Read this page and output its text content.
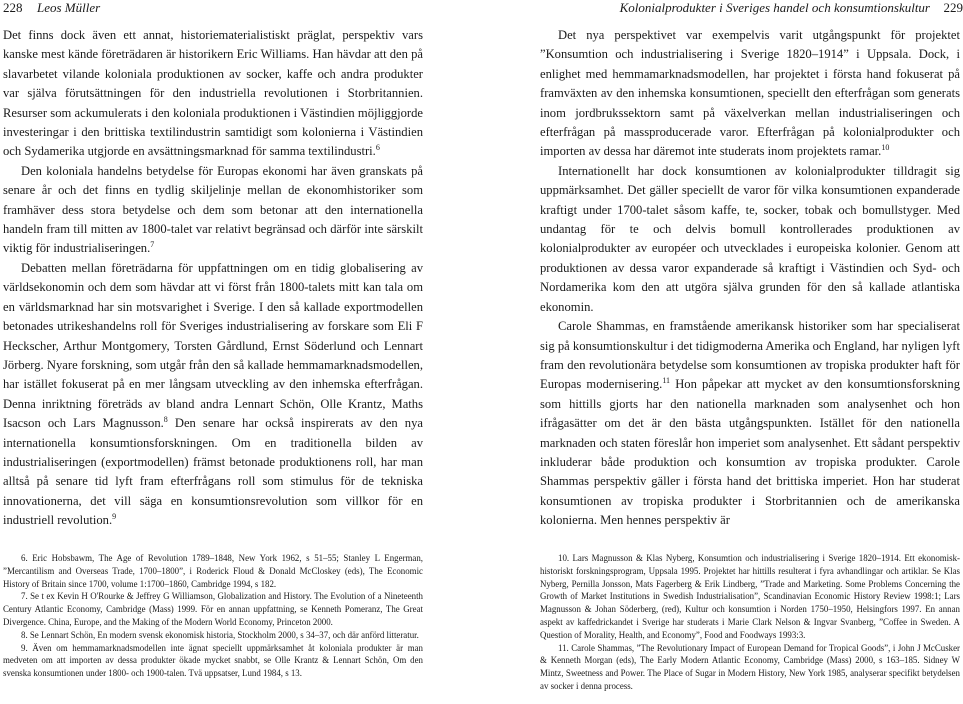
228 Leos Müller

Det finns dock även ett annat, historiematerialistiskt präglat, perspektiv vars kanske mest kände företrädaren är historikern Eric Williams. Han hävdar att den på slavarbetet vilande koloniala produktionen av socker, kaffe och andra produkter var själva förutsättningen för den industriella revolutionen i Storbritannien. Resurser som ackumulerats i den koloniala produktionen i Västindien möjliggjorde investeringar i den brittiska textilindustrin samtidigt som kolonierna i Västindien och Sydamerika utgjorde en avsättningsmarknad för samma textilindustri.$^6$

Den koloniala handelns betydelse för Europas ekonomi har även granskats på senare år och det finns en tydlig skiljelinje mellan de ekonomhistoriker som framhäver dess stora betydelse och dem som betonar att den internationella handeln fram till mitten av 1800-talet var relativt begränsad och därför inte särskilt viktig för industrialiseringen.$^7$

Debatten mellan företrädarna för uppfattningen om en tidig globalisering av världsekonomin och dem som hävdar att vi först från 1800-talets mitt kan tala om en världsmarknad har sin motsvarighet i Sverige. I den så kallade exportmodellen betonades utrikeshandelns roll för Sveriges industrialisering av forskare som Eli F Heckscher, Arthur Montgomery, Torsten Gårdlund, Ernst Söderlund och Lennart Jörberg. Nyare forskning, som utgår från den så kallade hemmamarknadsmodellen, har istället fokuserat på en mer långsam utveckling av den inhemska efterfrågan. Denna inriktning företräds av bland andra Lennart Schön, Olle Krantz, Maths Isacson och Lars Magnusson.$^8$ Den senare har också inspirerats av den nya internationella konsumtionsforskningen. Om en traditionella bilden av industrialiseringen (exportmodellen) främst betonade produktionens roll, har man alltså på senare tid lyft fram efterfrågans roll som stimulus för de tekniska innovationerna, det vill säga en konsumtionsrevolution som villkor för en industriell revolution.$^9$

6. Eric Hobsbawm, The Age of Revolution 1789–1848, New York 1962, s 51–55; Stanley L Engerman, ”Mercantilism and Overseas Trade, 1700–1800”, i Roderick Floud & Donald McCloskey (eds), The Economic History of Britain since 1700, volume 1:1700–1860, Cambridge 1994, s 182.

7. Se t ex Kevin H O'Rourke & Jeffrey G Williamson, Globalization and History. The Evolution of a Nineteenth Century Atlantic Economy, Cambridge (Mass) 1999. För en annan uppfattning, se Kenneth Pomeranz, The Great Divergence. China, Europe, and the Making of the Modern World Economy, Princeton 2000.

8. Se Lennart Schön, En modern svensk ekonomisk historia, Stockholm 2000, s 34–37, och där anförd litteratur.

9. Även om hemmamarknadsmodellen inte ägnat speciellt uppmärksamhet åt koloniala produkter är man medveten om att importen av dessa produkter ökade mycket snabbt, se Olle Krantz & Lennart Schön, Om den svenska konsumtionen under 1800- och 1900-talen. Tvä uppsatser, Lund 1984, s 13.

Kolonialprodukter i Sveriges handel och konsumtionskultur 229

Det nya perspektivet var exempelvis varit utgångspunkt för projektet ”Konsumtion och industrialisering i Sverige 1820–1914” i Uppsala. Dock, i enlighet med hemmamarknadsmodellen, har projektet i första hand fokuserat på framväxten av den inhemska konsumtionen, speciellt den efterfrågan som generats inom jordbrukssektorn samt på växelverkan mellan industrialiseringen och efterfrågan på massproducerade varor. Efterfrågan på kolonialprodukter och importen av dessa har däremot inte studerats inom projektets ramar.$^{10}$

Internationellt har dock konsumtionen av kolonialprodukter tilldragit sig uppmärksamhet. Det gäller speciellt de varor för vilka konsumtionen expanderade kraftigt under 1700-talet såsom kaffe, te, socker, tobak och bomullstyger. Med undantag för te och delvis bomull kontrollerades produktionen av kolonialprodukter av européer och utvecklades i europeiska kolonier. Genom att produktionen av dessa varor expanderade så kraftigt i Västindien och Syd- och Nordamerika kom den att utgöra själva grunden för den så kallade atlantiska ekonomin.

Carole Shammas, en framstående amerikansk historiker som har specialiserat sig på konsumtionskultur i det tidigmoderna Amerika och England, har nyligen lyft fram den revolutionära betydelse som konsumtionen av tropiska produkter haft för Europas modernisering.$^{11}$ Hon påpekar att mycket av den konsumtionsforskning som hittills gjorts har den nationella marknaden som analysenhet och hon ifrågasätter om det är den bästa utgångspunkten. Istället för den nationella marknaden och staten föreslår hon imperiet som analysenhet. Ett sådant perspektiv inkluderar både produktion och konsumtion av tropiska produkter. Carole Shammas perspektiv gäller i första hand det brittiska imperiet. Hon har studerat konsumtionen av tropiska produkter i Storbritannien och de amerikanska kolonierna. Men hennes perspektiv är

10. Lars Magnusson & Klas Nyberg, Konsumtion och industrialisering i Sverige 1820–1914. Ett ekonomisk-historiskt forskningsprogram, Uppsala 1995. Projektet har hittills resulterat i fyra avhandlingar och artiklar. Se Klas Nyberg, Pernilla Jonsson, Mats Fagerberg & Erik Lindberg, ”Trade and Marketing. Some Problems Concerning the Growth of Market Institutions in Swedish Industrialisation”, Scandinavian Economic History Review 1998:1; Lars Magnusson & Johan Söderberg, (red), Kultur och konsumtion i Norden 1750–1950, Helsingfors 1997. En annan aspekt av kaffedrickandet i Sverige har studerats i Marie Clark Nelson & Ingvar Svanberg, ”Coffee in Sweden. A Question of Morality, Health, and Economy”, Food and Foodways 1993:3.

11. Carole Shammas, ”The Revolutionary Impact of European Demand for Tropical Goods”, i John J McCusker & Kenneth Morgan (eds), The Early Modern Atlantic Economy, Cambridge (Mass) 2000, s 163–185. Sidney W Mintz, Sweetness and Power. The Place of Sugar in Modern History, New York 1985, analyserar specifikt betydelsen av socker i denna process.
